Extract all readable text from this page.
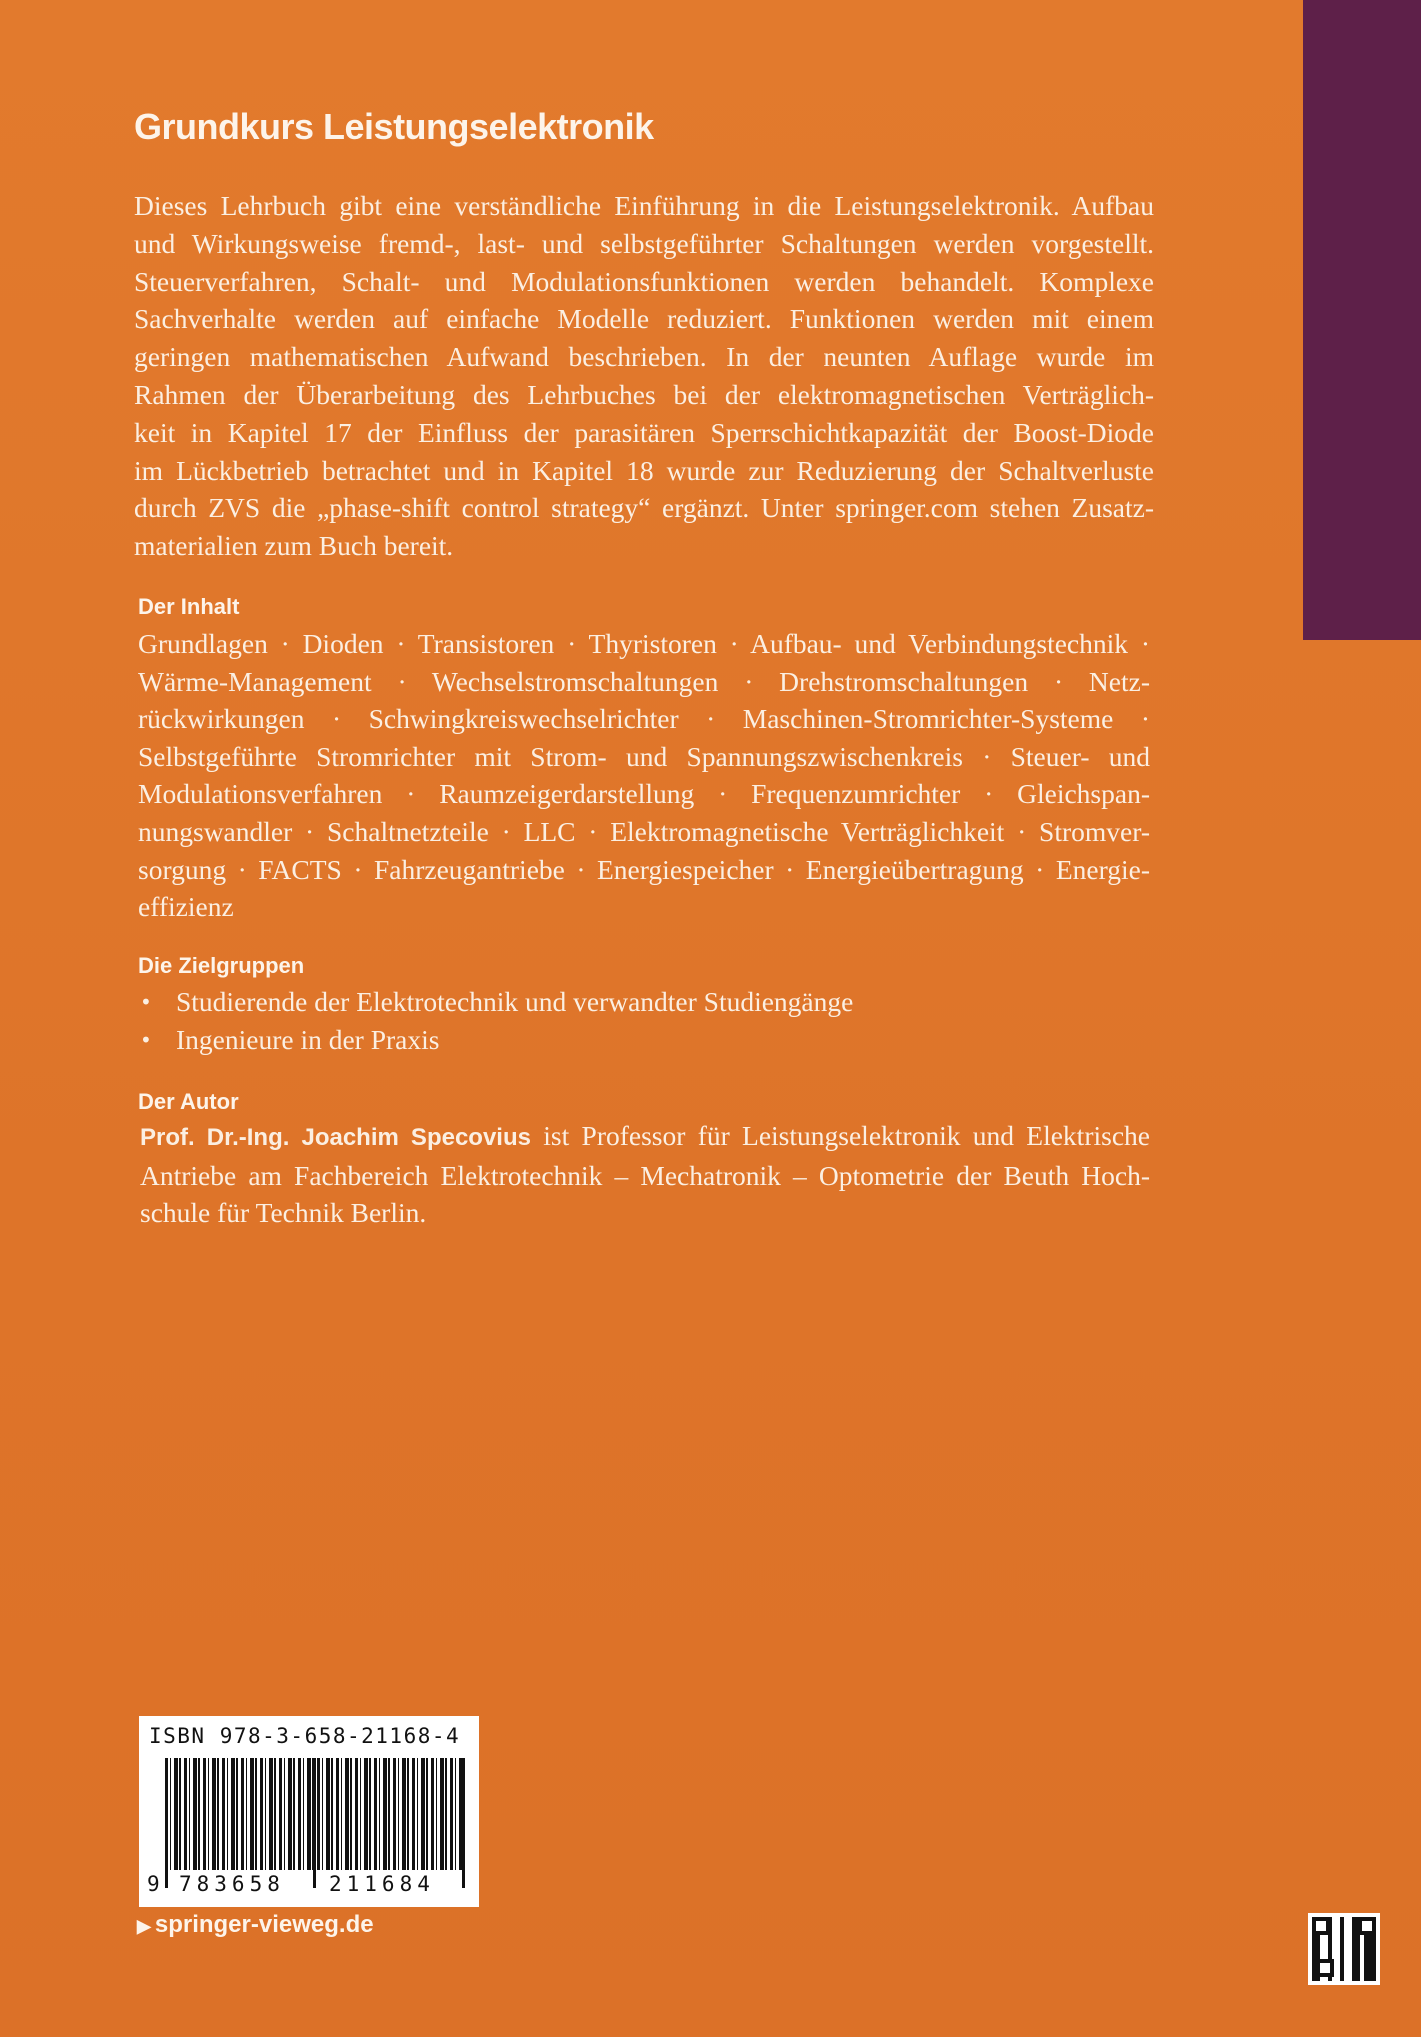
Grundkurs Leistungselektronik
Dieses Lehrbuch gibt eine verständliche Einführung in die Leistungselektronik. Aufbau
und Wirkungsweise fremd-, last- und selbstgeführter Schaltungen werden vorgestellt.
Steuerverfahren, Schalt- und Modulationsfunktionen werden behandelt. Komplexe
Sachverhalte werden auf einfache Modelle reduziert. Funktionen werden mit einem
geringen mathematischen Aufwand beschrieben. In der neunten Auflage wurde im
Rahmen der Überarbeitung des Lehrbuches bei der elektromagnetischen Verträglich-
keit in Kapitel 17 der Einfluss der parasitären Sperrschichtkapazität der Boost-Diode
im Lückbetrieb betrachtet und in Kapitel 18 wurde zur Reduzierung der Schaltverluste
durch ZVS die „phase-shift control strategy“ ergänzt. Unter springer.com stehen Zusatz-
materialien zum Buch bereit.
Der Inhalt
Grundlagen · Dioden · Transistoren · Thyristoren · Aufbau- und Verbindungstechnik ·
Wärme-Management · Wechselstromschaltungen · Drehstromschaltungen · Netz-
rückwirkungen · Schwingkreiswechselrichter · Maschinen-Stromrichter-Systeme ·
Selbstgeführte Stromrichter mit Strom- und Spannungszwischenkreis · Steuer- und
Modulationsverfahren · Raumzeigerdarstellung · Frequenzumrichter · Gleichspan-
nungswandler · Schaltnetzteile · LLC · Elektromagnetische Verträglichkeit · Stromver-
sorgung · FACTS · Fahrzeugantriebe · Energiespeicher · Energieübertragung · Energie-
effizienz
Die Zielgruppen
• Studierende der Elektrotechnik und verwandter Studiengänge
• Ingenieure in der Praxis
Der Autor
Prof. Dr.-Ing. Joachim Specovius ist Professor für Leistungselektronik und Elektrische
Antriebe am Fachbereich Elektrotechnik – Mechatronik – Optometrie der Beuth Hoch-
schule für Technik Berlin.
ISBN 978-3-658-21168-4
9 783658 211684
▶ springer-vieweg.de
